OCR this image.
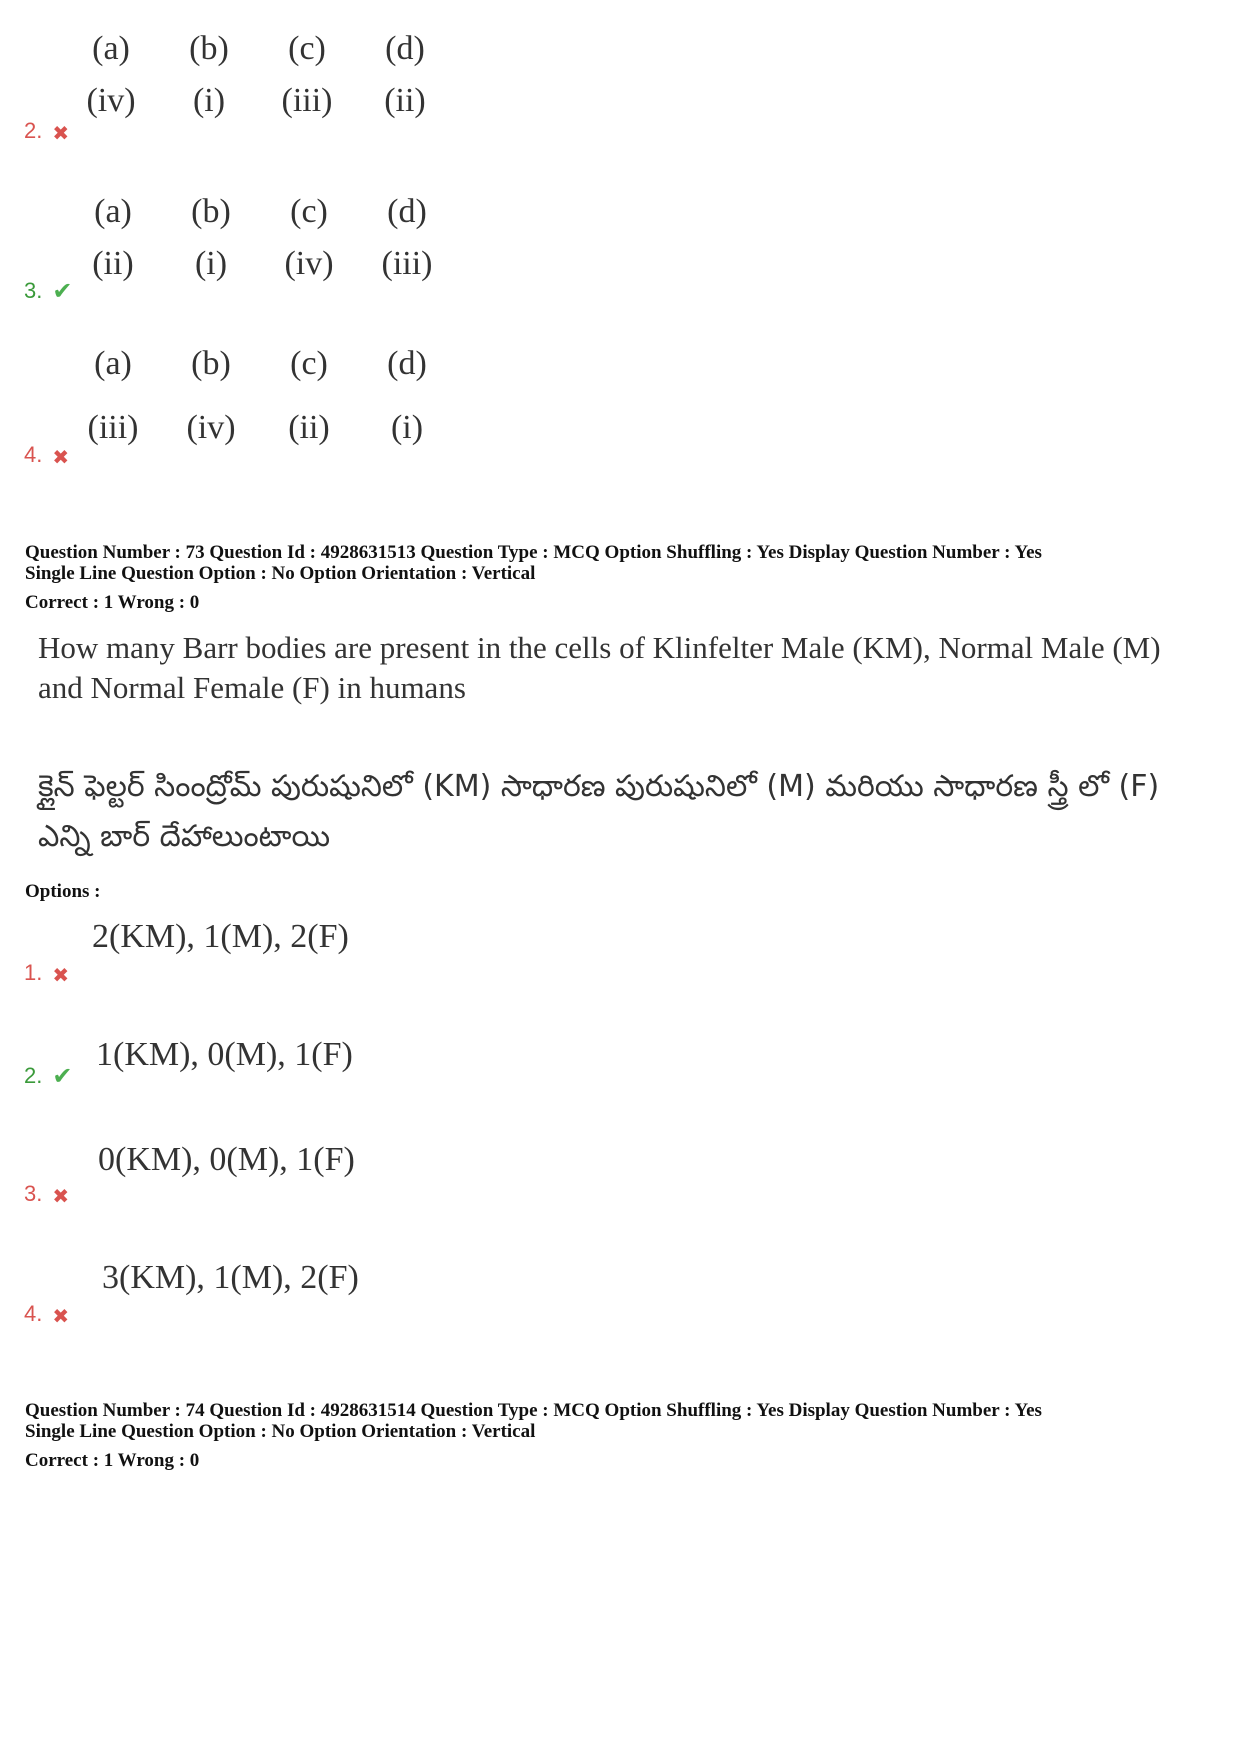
(a)	(b)	(c)	(d)
(iv)	(i)	(iii)	(ii)
2. ✖
(a)	(b)	(c)	(d)
(ii)	(i)	(iv)	(iii)
3. ✔
(a)	(b)	(c)	(d)
(iii)	(iv)	(ii)	(i)
4. ✖
Question Number : 73 Question Id : 4928631513 Question Type : MCQ Option Shuffling : Yes Display Question Number : Yes
Single Line Question Option : No Option Orientation : Vertical
Correct : 1 Wrong : 0
How many Barr bodies are present in the cells of Klinfelter Male (KM), Normal Male (M) and Normal Female (F) in humans
క్లైన్ ఫెల్టర్ సింంద్రోమ్ పురుషునిలో (KM) సాధారణ పురుషునిలో (M) మరియు సాధారణ స్త్రీ లో (F) ఎన్ని బార్ దేహాలుంటాయి
Options :
2(KM), 1(M), 2(F)
1. ✖
1(KM), 0(M), 1(F)
2. ✔
0(KM), 0(M), 1(F)
3. ✖
3(KM), 1(M), 2(F)
4. ✖
Question Number : 74 Question Id : 4928631514 Question Type : MCQ Option Shuffling : Yes Display Question Number : Yes
Single Line Question Option : No Option Orientation : Vertical
Correct : 1 Wrong : 0
